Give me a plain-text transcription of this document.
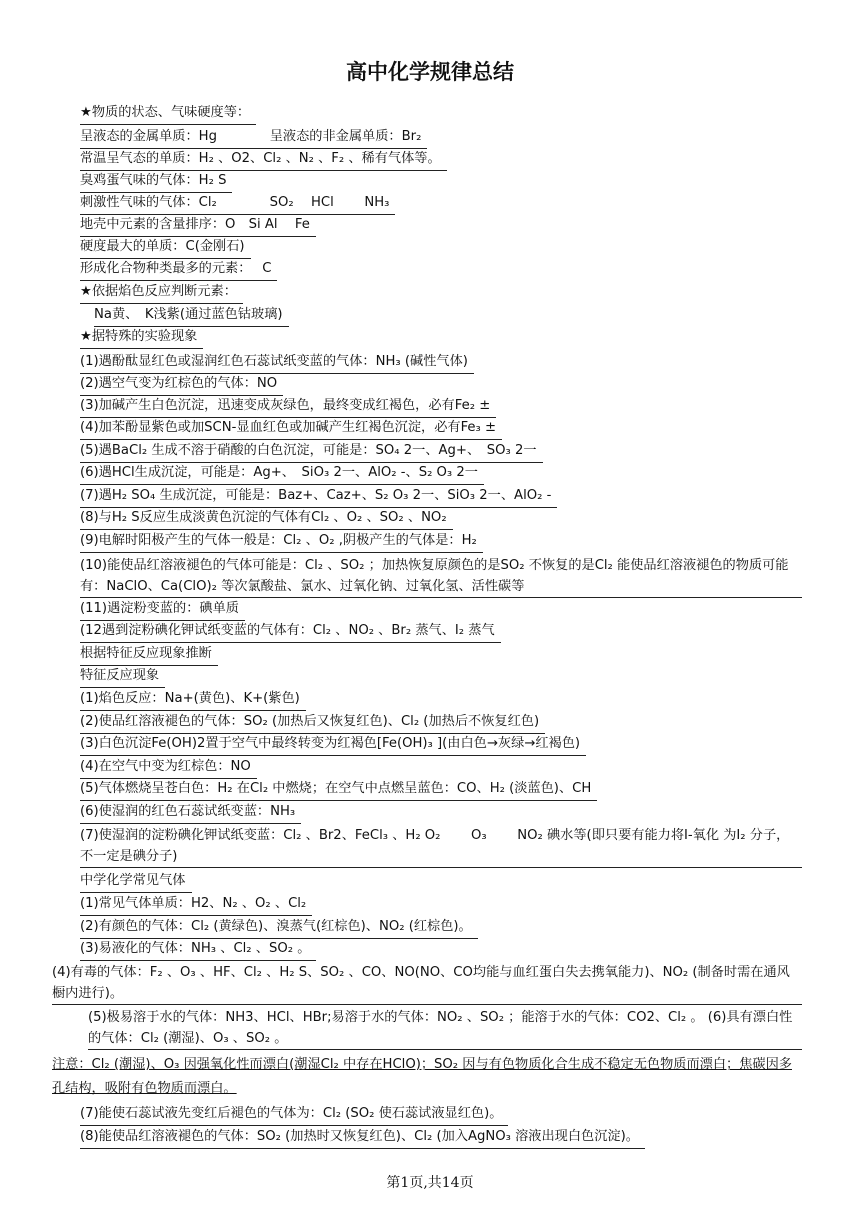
高中化学规律总结
★物质的状态、气味硬度等：
呈液态的金属单质：Hg　　　　呈液态的非金属单质：Br₂
常温呈气态的单质：H₂ 、O2、Cl₂ 、N₂ 、F₂ 、稀有气体等。
臭鸡蛋气味的气体：H₂ S
刺激性气味的气体：Cl₂　　　　SO₂　 HCl　　 NH₃
地壳中元素的含量排序：O　Si Al　 Fe
硬度最大的单质：C(金刚石)
形成化合物种类最多的元素：　 C
★依据焰色反应判断元素：
Na黄、　K浅紫(通过蓝色钴玻璃)
★据特殊的实验现象
(1)遇酚酞显红色或湿润红色石蕊试纸变蓝的气体：NH₃ (碱性气体)
(2)遇空气变为红棕色的气体：NO
(3)加碱产生白色沉淀，迅速变成灰绿色，最终变成红褐色，必有Fe₂ ±
(4)加苯酚显紫色或加SCN-显血红色或加碱产生红褐色沉淀，必有Fe₃ ±
(5)遇BaCl₂ 生成不溶于硝酸的白色沉淀，可能是：SO₄ 2一、Ag+、　SO₃ 2一
(6)遇HCl生成沉淀，可能是：Ag+、　SiO₃ 2一、AlO₂ -、S₂ O₃ 2一
(7)遇H₂ SO₄ 生成沉淀，可能是：Baz+、Caz+、S₂ O₃ 2一、SiO₃ 2一、AlO₂ -
(8)与H₂ S反应生成淡黄色沉淀的气体有Cl₂ 、O₂ 、SO₂ 、NO₂
(9)电解时阳极产生的气体一般是：Cl₂ 、O₂ ,阴极产生的气体是：H₂
(10)能使品红溶液褪色的气体可能是：Cl₂ 、SO₂ ；加热恢复原颜色的是SO₂ 不恢复的是Cl₂ 能使品红溶液褪色的物质可能有：NaClO、Ca(ClO)₂ 等次氯酸盐、氯水、过氧化钠、过氧化氢、活性碳等
(11)遇淀粉变蓝的：碘单质
(12遇到淀粉碘化钾试纸变蓝的气体有：Cl₂ 、NO₂ 、Br₂ 蒸气、I₂ 蒸气
根据特征反应现象推断
特征反应现象
(1)焰色反应：Na+(黄色)、K+(紫色)
(2)使品红溶液褪色的气体：SO₂ (加热后又恢复红色)、Cl₂ (加热后不恢复红色)
(3)白色沉淀Fe(OH)2置于空气中最终转变为红褐色[Fe(OH)₃ ](由白色→灰绿→红褐色)
(4)在空气中变为红棕色：NO
(5)气体燃烧呈苍白色：H₂ 在Cl₂ 中燃烧；在空气中点燃呈蓝色：CO、H₂ (淡蓝色)、CH
(6)使湿润的红色石蕊试纸变蓝：NH₃
(7)使湿润的淀粉碘化钾试纸变蓝：Cl₂ 、Br2、FeCl₃ 、H₂ O₂　　 O₃　　 NO₂ 碘水等(即只要有能力将I-氧化 为I₂ 分子，不一定是碘分子)
中学化学常见气体
(1)常见气体单质：H2、N₂ 、O₂ 、Cl₂
(2)有颜色的气体：Cl₂ (黄绿色)、溴蒸气(红棕色)、NO₂ (红棕色)。
(3)易液化的气体：NH₃ 、Cl₂ 、SO₂ 。
(4)有毒的气体：F₂ 、O₃ 、HF、Cl₂ 、H₂ S、SO₂ 、CO、NO(NO、CO均能与血红蛋白失去携氧能力)、NO₂ (制备时需在通风橱内进行)。
(5)极易溶于水的气体：NH3、HCl、HBr;易溶于水的气体：NO₂ 、SO₂ ；能溶于水的气体：CO2、Cl₂ 。 (6)具有漂白性的气体：Cl₂ (潮湿)、O₃ 、SO₂ 。
注意：Cl₂ (潮湿)、O₃ 因强氧化性而漂白(潮湿Cl₂ 中存在HClO)；SO₂ 因与有色物质化合生成不稳定无色物质而漂白；焦碳因多孔结构，吸附有色物质而漂白。
(7)能使石蕊试液先变红后褪色的气体为：Cl₂ (SO₂ 使石蕊试液显红色)。
(8)能使品红溶液褪色的气体：SO₂ (加热时又恢复红色)、Cl₂ (加入AgNO₃ 溶液出现白色沉淀)。
第1页,共14页
